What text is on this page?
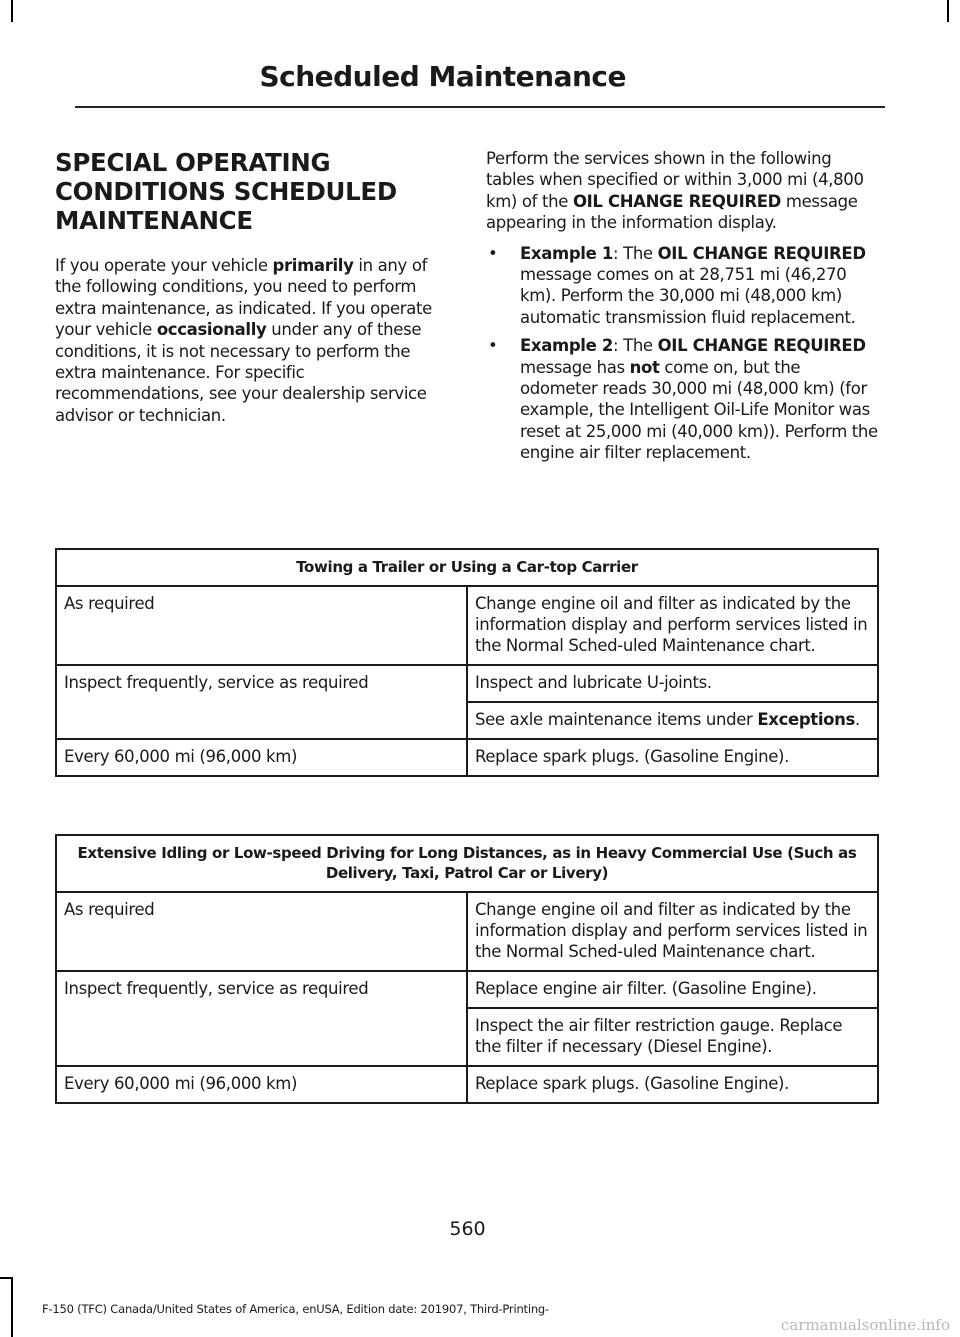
Scheduled Maintenance
SPECIAL OPERATING
CONDITIONS SCHEDULED
MAINTENANCE

If you operate your vehicle primarily in any of the following conditions, you need to perform extra maintenance, as indicated. If you operate your vehicle occasionally under any of these conditions, it is not necessary to perform the extra maintenance. For specific recommendations, see your dealership service advisor or technician.

Perform the services shown in the following tables when specified or within 3,000 mi (4,800 km) of the OIL CHANGE REQUIRED message appearing in the information display.

• Example 1: The OIL CHANGE REQUIRED message comes on at 28,751 mi (46,270 km). Perform the 30,000 mi (48,000 km) automatic transmission fluid replacement.
• Example 2: The OIL CHANGE REQUIRED message has not come on, but the odometer reads 30,000 mi (48,000 km) (for example, the Intelligent Oil-Life Monitor was reset at 25,000 mi (40,000 km)). Perform the engine air filter replacement.
Towing a Trailer or Using a Car-top Carrier	
As required	Change engine oil and filter as indicated by the information display and perform services listed in the Normal Sched-uled Maintenance chart.
Inspect frequently, service as required	Inspect and lubricate U-joints.
	See axle maintenance items under Exceptions.
Every 60,000 mi (96,000 km)	Replace spark plugs. (Gasoline Engine).
Extensive Idling or Low-speed Driving for Long Distances, as in Heavy Commercial Use (Such as Delivery, Taxi, Patrol Car or Livery)	
As required	Change engine oil and filter as indicated by the information display and perform services listed in the Normal Sched-uled Maintenance chart.
Inspect frequently, service as required	Replace engine air filter. (Gasoline Engine).
	Inspect the air filter restriction gauge. Replace the filter if necessary (Diesel Engine).
Every 60,000 mi (96,000 km)	Replace spark plugs. (Gasoline Engine).
560
F-150 (TFC) Canada/United States of America, enUSA, Edition date: 201907, Third-Printing-
carmanualsonline.info
